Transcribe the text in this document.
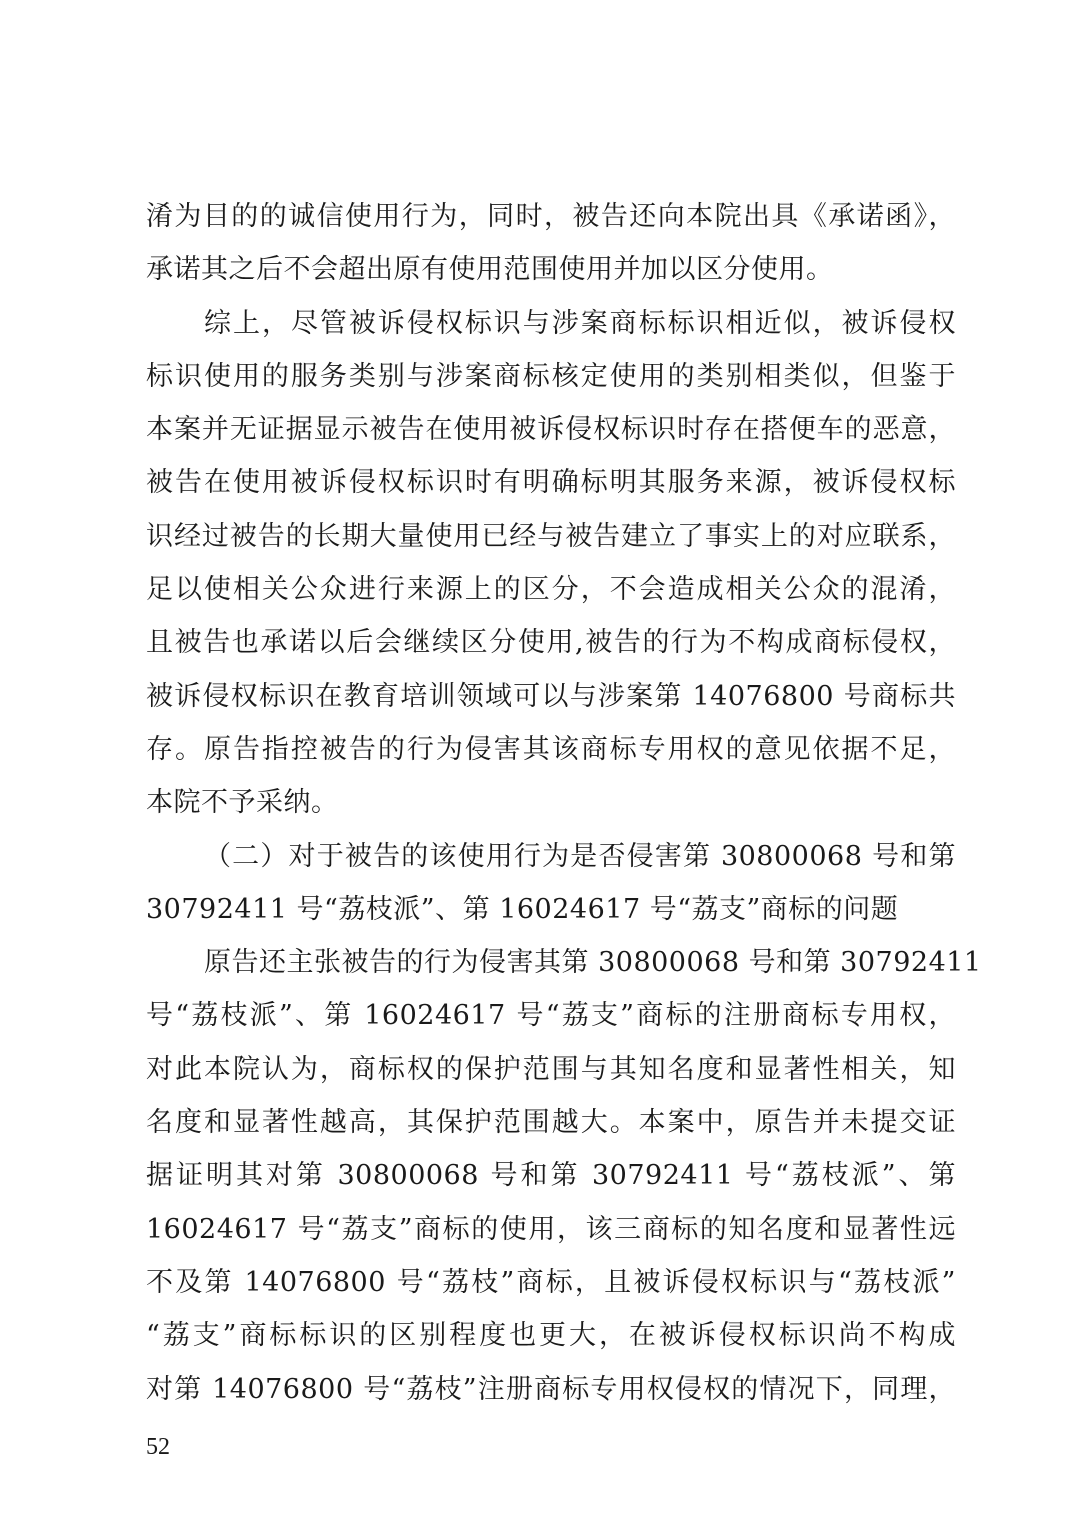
淆为目的的诚信使用行为，同时，被告还向本院出具《承诺函》，
承诺其之后不会超出原有使用范围使用并加以区分使用。
综上，尽管被诉侵权标识与涉案商标标识相近似，被诉侵权
标识使用的服务类别与涉案商标核定使用的类别相类似，但鉴于
本案并无证据显示被告在使用被诉侵权标识时存在搭便车的恶意，
被告在使用被诉侵权标识时有明确标明其服务来源，被诉侵权标
识经过被告的长期大量使用已经与被告建立了事实上的对应联系，
足以使相关公众进行来源上的区分，不会造成相关公众的混淆，
且被告也承诺以后会继续区分使用,被告的行为不构成商标侵权，
被诉侵权标识在教育培训领域可以与涉案第 14076800 号商标共
存。原告指控被告的行为侵害其该商标专用权的意见依据不足，
本院不予采纳。
（二）对于被告的该使用行为是否侵害第 30800068 号和第
30792411 号“荔枝派”、第 16024617 号“荔支”商标的问题
原告还主张被告的行为侵害其第 30800068 号和第 30792411
号“荔枝派”、第 16024617 号“荔支”商标的注册商标专用权，
对此本院认为，商标权的保护范围与其知名度和显著性相关，知
名度和显著性越高，其保护范围越大。本案中，原告并未提交证
据证明其对第 30800068 号和第 30792411 号“荔枝派”、第
16024617 号“荔支”商标的使用，该三商标的知名度和显著性远
不及第 14076800 号“荔枝”商标，且被诉侵权标识与“荔枝派”
“荔支”商标标识的区别程度也更大，在被诉侵权标识尚不构成
对第 14076800 号“荔枝”注册商标专用权侵权的情况下，同理，
52
